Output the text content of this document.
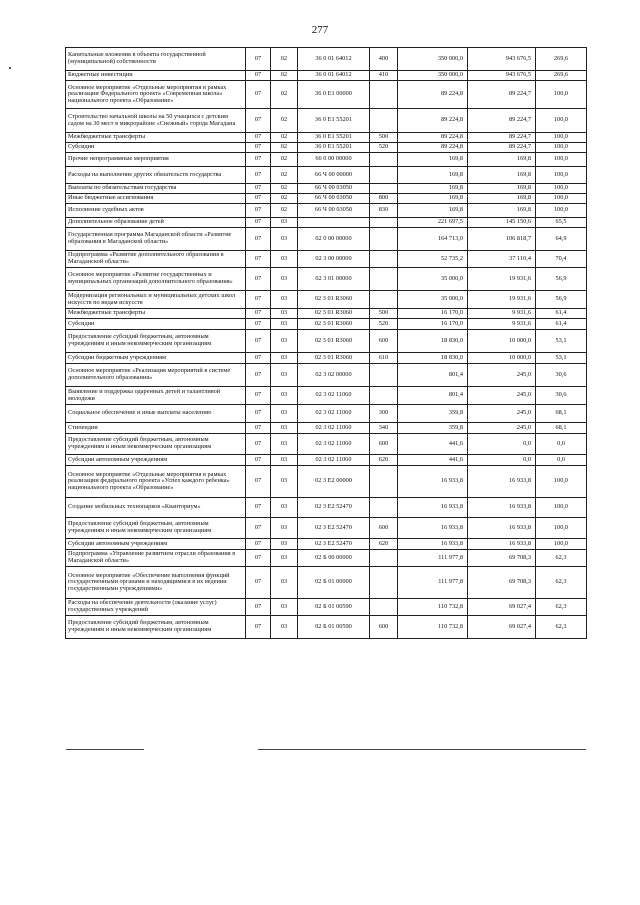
277
Капитальные вложения в объекты государственной (муниципальной) собственности	07	02	36 0 01 64012	400	350 000,0	943 676,5	269,6
Бюджетные инвестиции	07	02	36 0 01 64012	410	350 000,0	943 676,5	269,6
Основное мероприятие «Отдельные мероприятия в рамках реализации Федерального проекта «Современная школа» национального проекта «Образование»	07	02	36 0 E1 00000		89 224,8	89 224,7	100,0
Строительство начальной школы на 50 учащихся с детским садом на 30 мест в микрорайоне «Снежный» города Магадана	07	02	36 0 E1 55201		89 224,8	89 224,7	100,0
Межбюджетные трансферты	07	02	36 0 E1 55201	500	89 224,8	89 224,7	100,0
Субсидии	07	02	36 0 E1 55201	520	89 224,8	89 224,7	100,0
Прочие непрограммные мероприятия	07	02	66 0 00 00000		169,8	169,8	100,0
Расходы на выполнение других обязательств государства	07	02	66 Ч 00 00000		169,8	169,8	100,0
Выплаты по обязательствам государства	07	02	66 Ч 00 03050		169,8	169,8	100,0
Иные бюджетные ассигнования	07	02	66 Ч 00 03050	800	169,8	169,8	100,0
Исполнение судебных актов	07	02	66 Ч 00 03050	830	169,8	169,8	100,0
Дополнительное образование детей	07	03			221 697,5	145 150,6	65,5
Государственная программа Магаданской области «Развитие образования в Магаданской области»	07	03	02 0 00 00000		164 713,0	106 818,7	64,9
Подпрограмма «Развитие дополнительного образования в Магаданской области»	07	03	02 3 00 00000		52 735,2	37 110,4	70,4
Основное мероприятие «Развитие государственных и муниципальных организаций дополнительного образования»	07	03	02 3 01 00000		35 000,0	19 931,6	56,9
Модернизация региональных и муниципальных детских школ искусств по видам искусств	07	03	02 3 01 R3060		35 000,0	19 931,6	56,9
Межбюджетные трансферты	07	03	02 3 01 R3060	500	16 170,0	9 931,6	61,4
Субсидии	07	03	02 3 01 R3060	520	16 170,0	9 931,6	61,4
Предоставление субсидий бюджетным, автономным учреждениям и иным некоммерческим организациям	07	03	02 3 01 R3060	600	18 830,0	10 000,0	53,1
Субсидии бюджетным учреждениям	07	03	02 3 01 R3060	610	18 830,0	10 000,0	53,1
Основное мероприятие «Реализация мероприятий в системе дополнительного образования»	07	03	02 3 02 00000		801,4	245,0	30,6
Выявление и поддержка одаренных детей и талантливой молодежи	07	03	02 3 02 11060		801,4	245,0	30,6
Социальное обеспечение и иные выплаты населению	07	03	02 3 02 11060	300	359,8	245,0	68,1
Стипендии	07	03	02 3 02 11060	340	359,8	245,0	68,1
Предоставление субсидий бюджетным, автономным учреждениям и иным некоммерческим организациям	07	03	02 3 02 11060	600	441,6	0,0	0,0
Субсидии автономным учреждениям	07	03	02 3 02 11060	620	441,6	0,0	0,0
Основное мероприятие «Отдельные мероприятия в рамках реализации федерального проекта «Успех каждого ребенка» национального проекта «Образование»	07	03	02 3 E2 00000		16 933,8	16 933,8	100,0
Создание мобильных технопарков «Кванториум»	07	03	02 3 E2 52470		16 933,8	16 933,8	100,0
Предоставление субсидий бюджетным, автономным учреждениям и иным некоммерческим организациям	07	03	02 3 E2 52470	600	16 933,8	16 933,8	100,0
Субсидии автономным учреждениям	07	03	02 3 E2 52470	620	16 933,8	16 933,8	100,0
Подпрограмма «Управление развитием отрасли образования в Магаданской области»	07	03	02 Б 00 00000		111 977,8	69 708,3	62,3
Основное мероприятие «Обеспечение выполнения функций государственными органами и находящимися в их ведении государственными учреждениями»	07	03	02 Б 01 00000		111 977,8	69 708,3	62,3
Расходы на обеспечение деятельности (оказание услуг) государственных учреждений	07	03	02 Б 01 00590		110 732,8	69 027,4	62,3
Предоставление субсидий бюджетным, автономным учреждениям и иным некоммерческим организациям	07	03	02 Б 01 00590	600	110 732,8	69 027,4	62,3
